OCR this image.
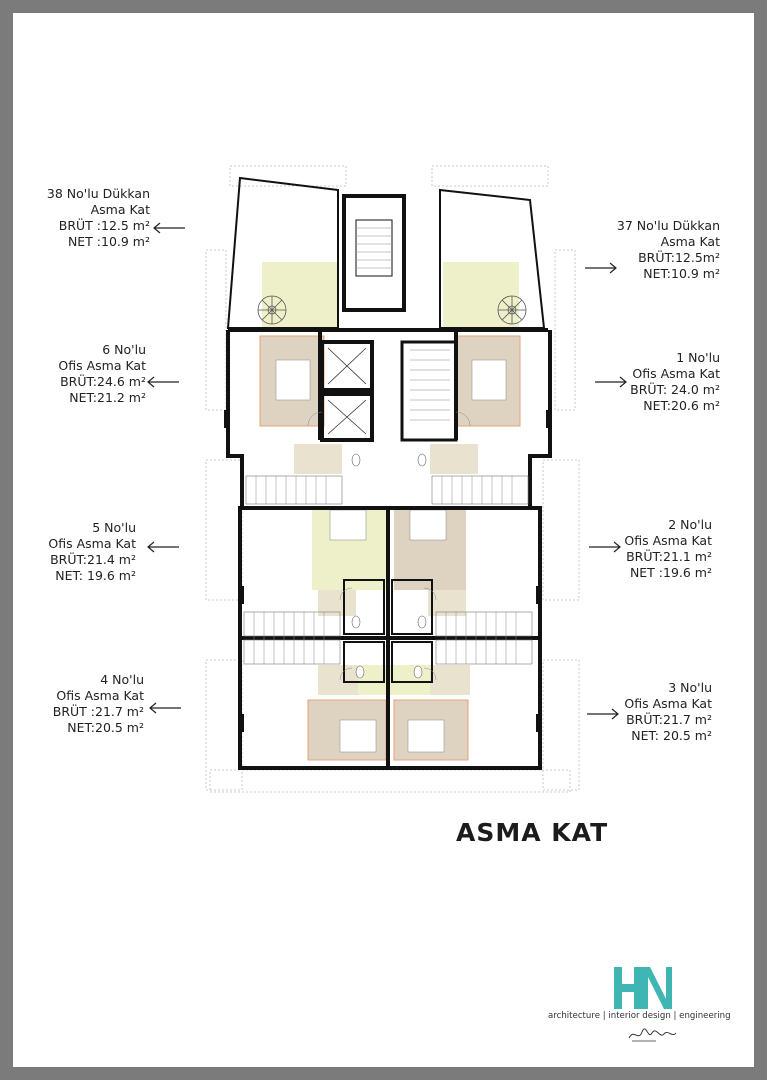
38 No'lu Dükkan
Asma Kat
BRÜT :12.5 m²
NET :10.9 m²
6 No'lu
Ofis Asma Kat
BRÜT:24.6 m²
NET:21.2 m²
5 No'lu
Ofis Asma Kat
BRÜT:21.4 m²
NET: 19.6 m²
4 No'lu
Ofis Asma Kat
BRÜT :21.7 m²
NET:20.5 m²
37 No'lu Dükkan
Asma Kat
BRÜT:12.5m²
NET:10.9 m²
1 No'lu
Ofis Asma Kat
BRÜT: 24.0 m²
NET:20.6 m²
2 No'lu
Ofis Asma Kat
BRÜT:21.1 m²
NET :19.6 m²
3 No'lu
Ofis Asma Kat
BRÜT:21.7 m²
NET: 20.5 m²
ASMA KAT
architecture | interior design | engineering
